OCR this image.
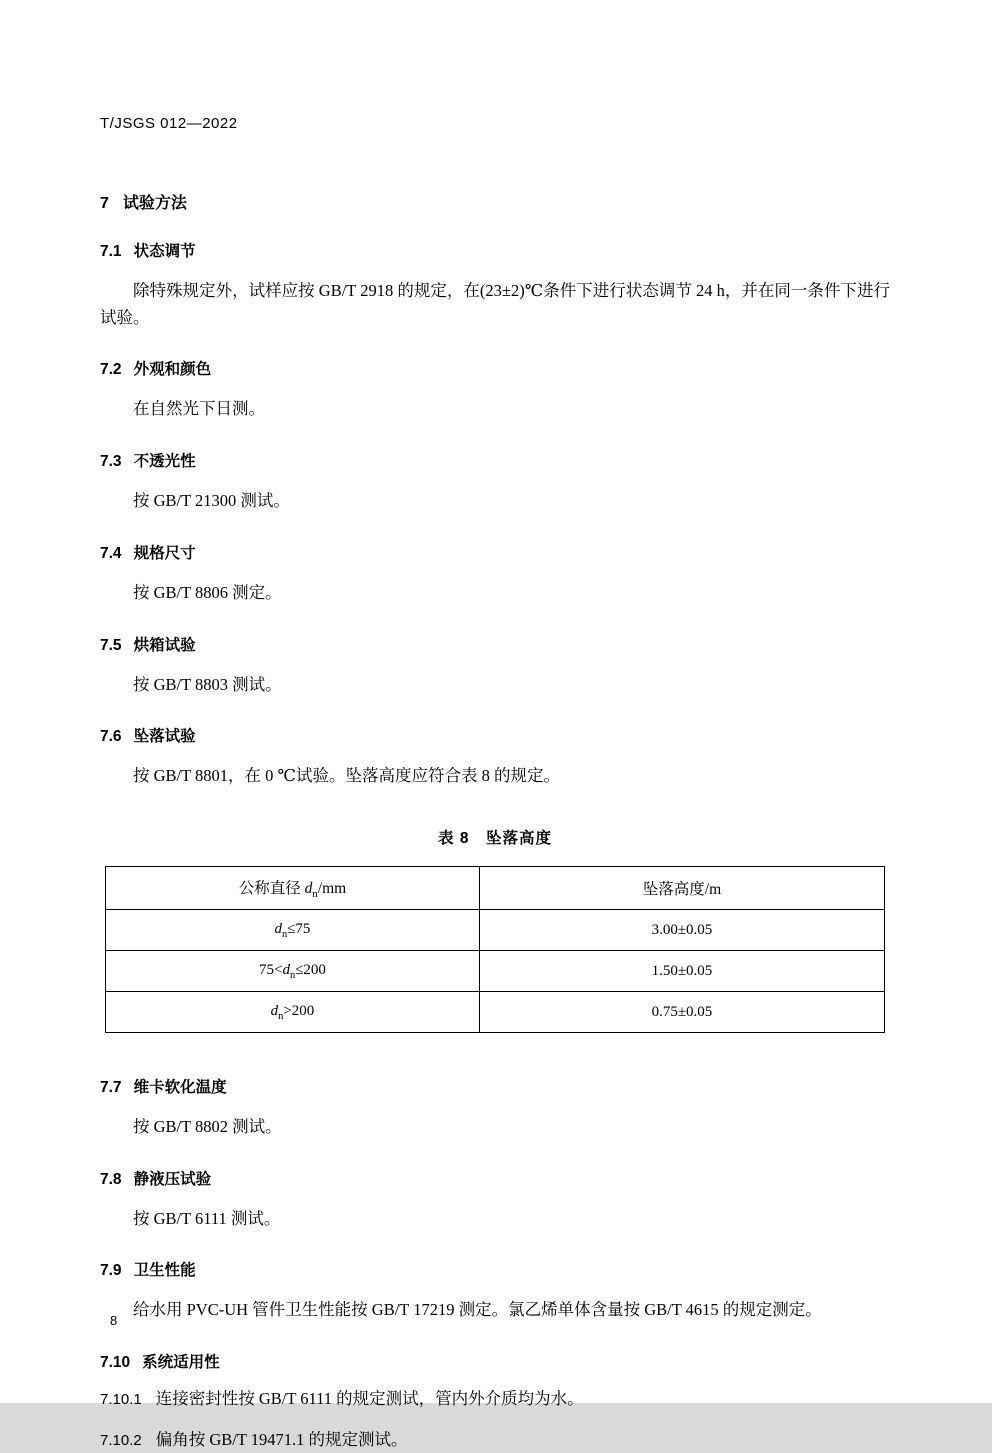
T/JSGS 012—2022
7 试验方法
7.1 状态调节
除特殊规定外，试样应按 GB/T 2918 的规定，在(23±2)℃条件下进行状态调节 24 h，并在同一条件下进行试验。
7.2 外观和颜色
在自然光下日测。
7.3 不透光性
按 GB/T 21300 测试。
7.4 规格尺寸
按 GB/T 8806 测定。
7.5 烘箱试验
按 GB/T 8803 测试。
7.6 坠落试验
按 GB/T 8801，在 0 ℃试验。坠落高度应符合表 8 的规定。
表 8　坠落高度
公称直径 $d_n/mm$	坠落高度/m
$d_n\le 75$	3.00±0.05
$75<d_n\le 200$	1.50±0.05
$d_n>200$	0.75±0.05
7.7 维卡软化温度
按 GB/T 8802 测试。
7.8 静液压试验
按 GB/T 6111 测试。
7.9 卫生性能
给水用 PVC-UH 管件卫生性能按 GB/T 17219 测定。氯乙烯单体含量按 GB/T 4615 的规定测定。
7.10 系统适用性
7.10.1 连接密封性按 GB/T 6111 的规定测试，管内外介质均为水。
7.10.2 偏角按 GB/T 19471.1 的规定测试。
8
